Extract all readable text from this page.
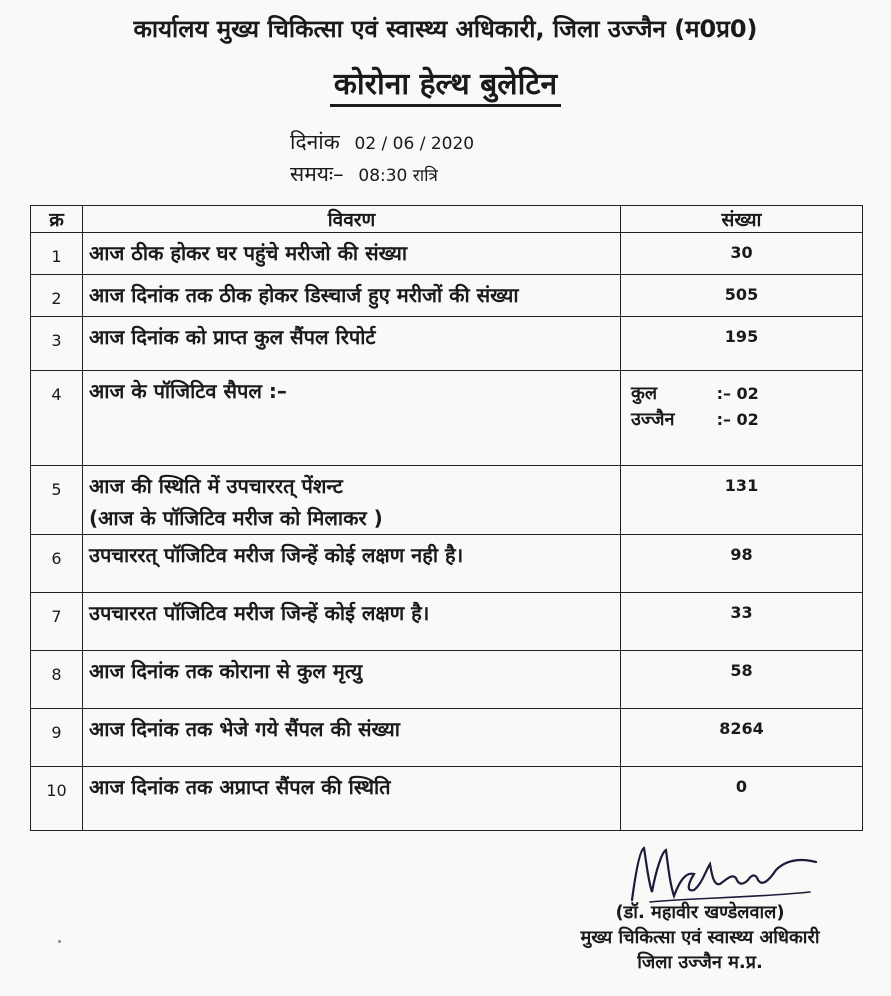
कार्यालय मुख्य चिकित्सा एवं स्वास्थ्य अधिकारी, जिला उज्जैन (म0प्र0)
कोरोना हेल्थ बुलेटिन
दिनांक 02 / 06 / 2020
समयः– 08:30 रात्रि
क्र	विवरण	संख्या
1	आज ठीक होकर घर पहुंचे मरीजो की संख्या	30
2	आज दिनांक तक ठीक होकर डिस्चार्ज हुए मरीजों की संख्या	505
3	आज दिनांक को प्राप्त कुल सैंपल रिपोर्ट	195
4	आज के पॉजिटिव सैपल :–	कुल :– 02
उज्जैन :– 02

5	आज की स्थिति में उपचाररत् पेंशन्ट
(आज के पॉजिटिव मरीज को मिलाकर )	131
6	उपचाररत् पॉजिटिव मरीज जिन्हें कोई लक्षण नही है।	98
7	उपचाररत पॉजिटिव मरीज जिन्हें कोई लक्षण है।	33
8	आज दिनांक तक कोराना से कुल मृत्यु	58
9	आज दिनांक तक भेजे गये सैंपल की संख्या	8264
10	आज दिनांक तक अप्राप्त सैंपल की स्थिति	0
(डॉ. महावीर खण्डेलवाल)
मुख्य चिकित्सा एवं स्वास्थ्य अधिकारी
जिला उज्जैन म.प्र.
